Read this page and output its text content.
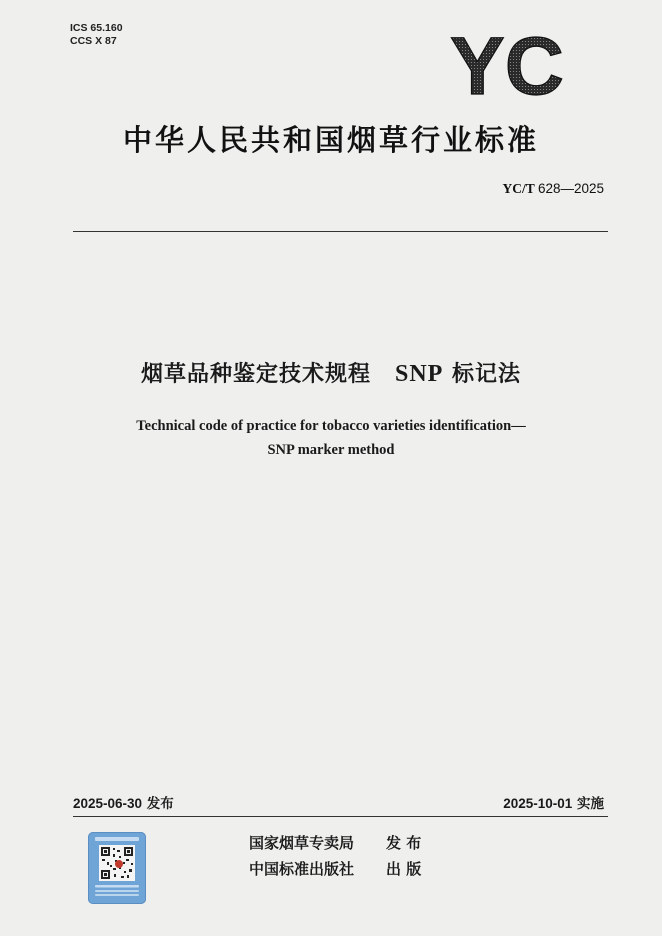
ICS 65.160
CCS X 87	YC
中华人民共和国烟草行业标准
YC/T 628—2025
烟草品种鉴定技术规程 SNP 标记法
Technical code of practice for tobacco varieties identification—
SNP marker method
2025-06-30 发布	2025-10-01 实施
国家烟草专卖局 发 布
中国标准出版社 出 版
